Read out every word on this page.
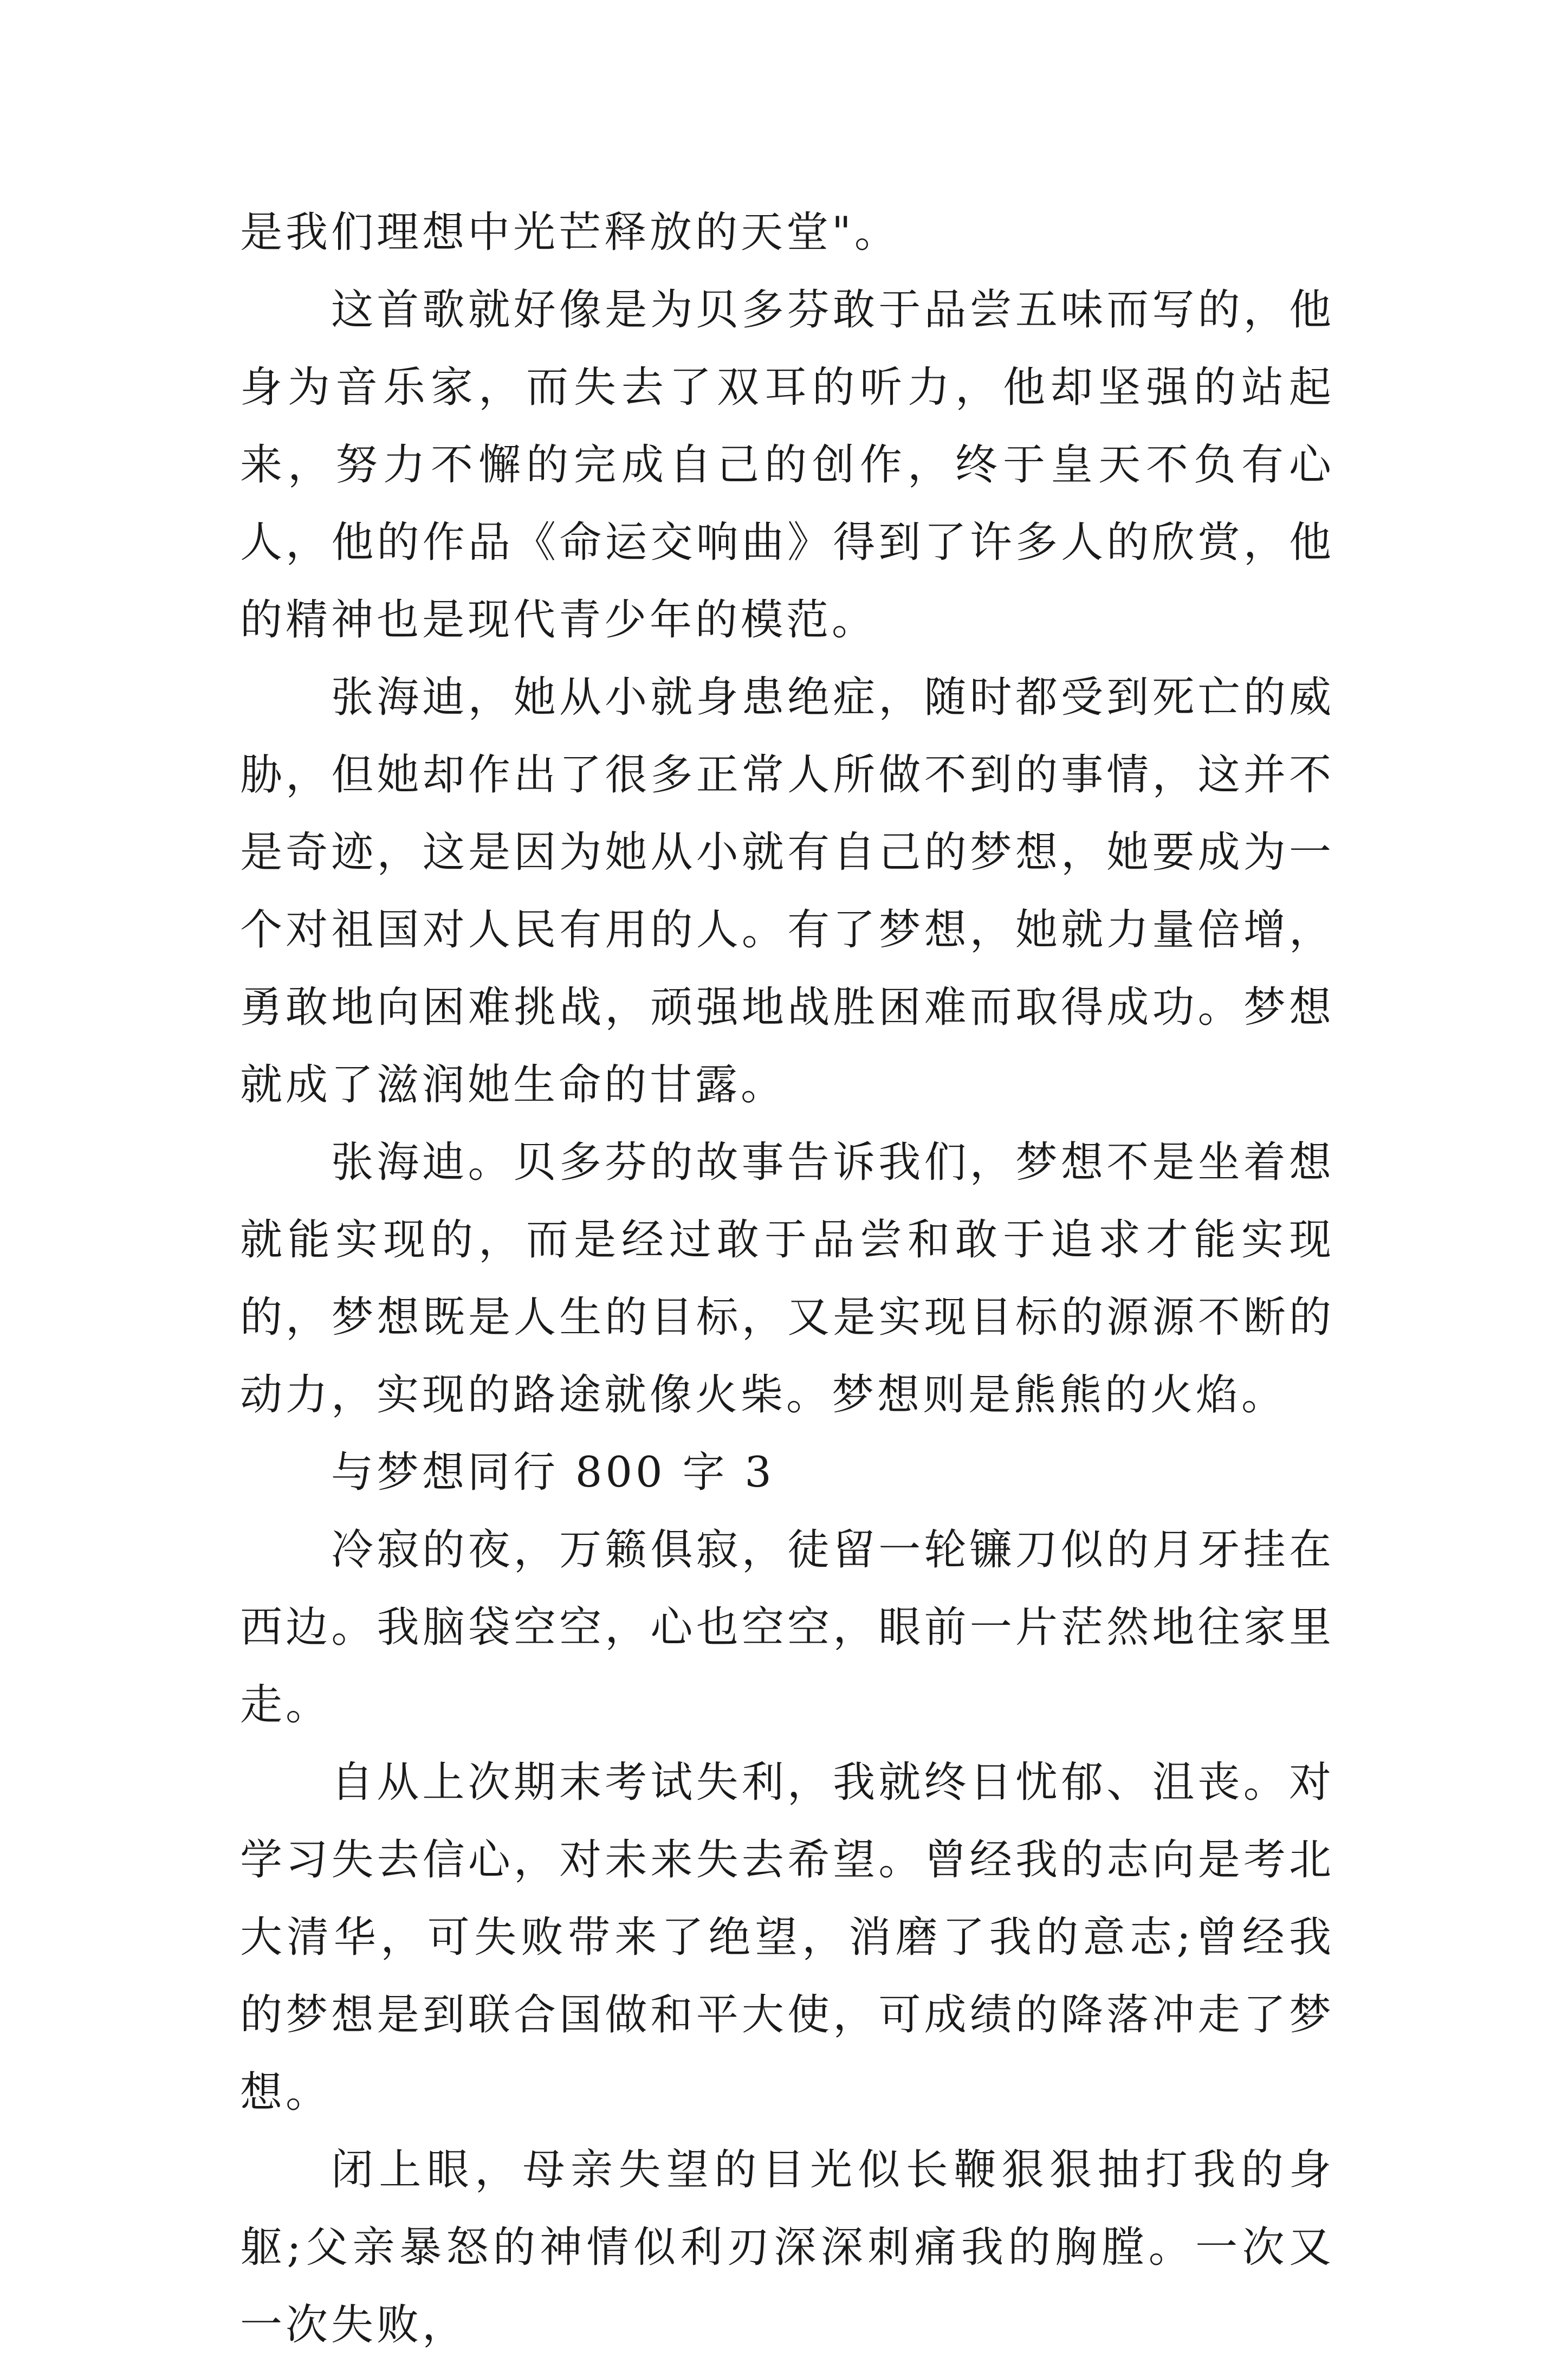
是我们理想中光芒释放的天堂"。

这首歌就好像是为贝多芬敢于品尝五味而写的，他身为音乐家，而失去了双耳的听力，他却坚强的站起来，努力不懈的完成自己的创作，终于皇天不负有心人，他的作品《命运交响曲》得到了许多人的欣赏，他的精神也是现代青少年的模范。

张海迪，她从小就身患绝症，随时都受到死亡的威胁，但她却作出了很多正常人所做不到的事情，这并不是奇迹，这是因为她从小就有自己的梦想，她要成为一个对祖国对人民有用的人。有了梦想，她就力量倍增，勇敢地向困难挑战，顽强地战胜困难而取得成功。梦想就成了滋润她生命的甘露。

张海迪。贝多芬的故事告诉我们，梦想不是坐着想就能实现的，而是经过敢于品尝和敢于追求才能实现的，梦想既是人生的目标，又是实现目标的源源不断的动力，实现的路途就像火柴。梦想则是熊熊的火焰。

与梦想同行 800 字 3

冷寂的夜，万籁俱寂，徒留一轮镰刀似的月牙挂在西边。我脑袋空空，心也空空，眼前一片茫然地往家里走。

自从上次期末考试失利，我就终日忧郁、沮丧。对学习失去信心，对未来失去希望。曾经我的志向是考北大清华，可失败带来了绝望，消磨了我的意志;曾经我的梦想是到联合国做和平大使，可成绩的降落冲走了梦想。

闭上眼，母亲失望的目光似长鞭狠狠抽打我的身躯;父亲暴怒的神情似利刃深深刺痛我的胸膛。一次又一次失败，
